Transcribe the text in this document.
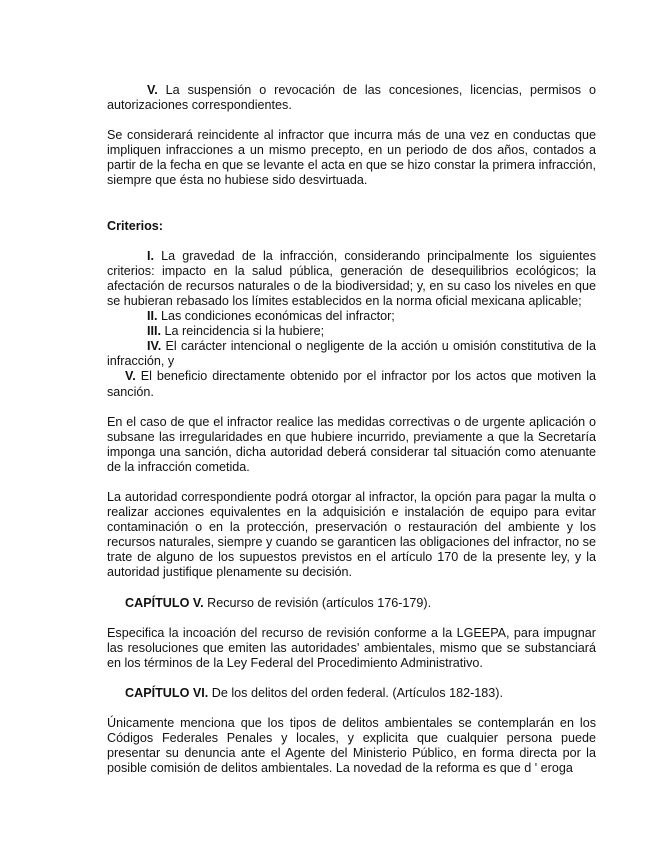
V. La suspensión o revocación de las concesiones, licencias, permisos o autorizaciones correspondientes.

Se considerará reincidente al infractor que incurra más de una vez en conductas que impliquen infracciones a un mismo precepto, en un periodo de dos años, contados a partir de la fecha en que se levante el acta en que se hizo constar la primera infracción, siempre que ésta no hubiese sido desvirtuada.

Criterios:

I. La gravedad de la infracción, considerando principalmente los siguientes criterios: impacto en la salud pública, generación de desequilibrios ecológicos; la afectación de recursos naturales o de la biodiversidad; y, en su caso los niveles en que se hubieran rebasado los límites establecidos en la norma oficial mexicana aplicable;

II. Las condiciones económicas del infractor;

III. La reincidencia si la hubiere;

IV. El carácter intencional o negligente de la acción u omisión constitutiva de la infracción, y

V. El beneficio directamente obtenido por el infractor por los actos que motiven la sanción.

En el caso de que el infractor realice las medidas correctivas o de urgente aplicación o subsane las irregularidades en que hubiere incurrido, previamente a que la Secretaría imponga una sanción, dicha autoridad deberá considerar tal situación como atenuante de la infracción cometida.

La autoridad correspondiente podrá otorgar al infractor, la opción para pagar la multa o realizar acciones equivalentes en la adquisición e instalación de equipo para evitar contaminación o en la protección, preservación o restauración del ambiente y los recursos naturales, siempre y cuando se garanticen las obligaciones del infractor, no se trate de alguno de los supuestos previstos en el artículo 170 de la presente ley, y la autoridad justifique plenamente su decisión.

CAPÍTULO V. Recurso de revisión (artículos 176-179).

Especifica la incoación del recurso de revisión conforme a la LGEEPA, para impugnar las resoluciones que emiten las autoridades' ambientales, mismo que se substanciará en los términos de la Ley Federal del Procedimiento Administrativo.

CAPÍTULO VI. De los delitos del orden federal. (Artículos 182-183).

Únicamente menciona que los tipos de delitos ambientales se contemplarán en los Códigos Federales Penales y locales, y explicita que cualquier persona puede presentar su denuncia ante el Agente del Ministerio Público, en forma directa por la posible comisión de delitos ambientales. La novedad de la reforma es que d ' eroga
